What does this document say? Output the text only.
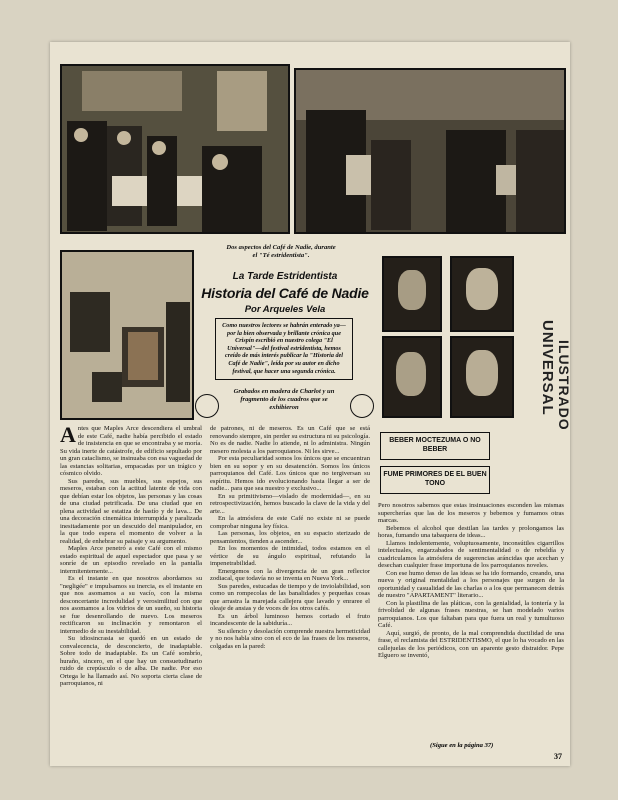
Dos aspectos del Café de Nadie, durante el "Té estridentista".
La Tarde Estridentista
Historia del Café de Nadie
Por Arqueles Vela
Como nuestros lectores se habrán enterado ya—por la bien observada y brillante crónica que Crispín escribió en nuestro colega "El Universal"—del festival estridentista, hemos creído de más interés publicar la "Historia del Café de Nadie", leída por su autor en dicho festival, que hacer una segunda crónica.
Grabados en madera de Charlot y un fragmento de los cuadros que se exhibieron

Antes que Maples Arce descendiera el umbral de este Café, nadie había percibido el estado de insistencia en que se encontraba y se moría. Su vida inerte de catástrofe, de edificio sepultado por un gran cataclismo, se insinuaba con esa vaguedad de las estancias solitarias, empacadas por un trágico y cósmico olvido.

Sus paredes, sus muebles, sus espejos, sus meseros, estaban con la actitud latente de vida con que debían estar los objetos, las personas y las cosas de una ciudad petrificada. De una ciudad que en plena actividad se estatiza de hastío y de lava... De una decoración cinemática interrumpida y paralizada inesitadamente por un descuido del manipulador, en la que todo espera el momento de volver a la realidad, de enhebrar su paisaje y su argumento.

Maples Arce penetró a este Café con el mismo estado espiritual de aquel espectador que pasa y se sonríe de un episodio revelado en la pantalla intermitentemente...

Es el instante en que nosotros abordamos su "negligée" e impulsamos su inercia, es el instante en que nos asomamos a su vacío, con la misma desconcertante incredulidad y verosimilitud con que nos asomamos a los vidrios de un sueño, su historia se fue desenrollando de nuevo. Los meseros rectificaron su inclinación y remontaron el intermedio de su inestabilidad.

Su idiosincrasia se quedó en un estado de convalecencia, de desconcierto, de inadaptable. Sobre todo de inadaptable. Es un Café sombrío, huraño, sincero, en el que hay un consuetudinario ruido de crepúsculo o de alba. De nadie. Por eso Ortega le ha llamado así. No soporta cierta clase de parroquianos, ni

de patrones, ni de meseros. Es un Café que se está renovando siempre, sin perder su estructura ni su psicología. No es de nadie. Nadie lo atiende, ni lo administra. Ningún mesero molesta a los parroquianos. Ni les sirve...

Por esta peculiaridad somos los únicos que se encuentran bien en su sopor y en su desatención. Somos los únicos parroquianos del Café. Los únicos que no tergiversan su espíritu. Hemos ido evolucionando hasta llegar a ser de nadie... para que sea nuestro y exclusivo...

En su primitivismo—vislado de modernidad—, en su retrospectivización, hemos buscado la clave de la vida y del arte...

En la atmósfera de este Café no existe ni se puede comprobar ninguna ley física.

Las personas, los objetos, en su espacio sterizado de pensamientos, tienden a ascender...

En los momentos de intimidad, todos estamos en el vértice de su ángulo espiritual, refutando la impenetrabilidad.

Emergemos con la divergencia de un gran reflector zodiacal, que todavía no se inventa en Nueva York...

Sus paredes, estucadas de tiempo y de inviolabilidad, son como un rompecolas de las banalidades y pequeñas cosas que arrastra la marejada callejera que lavado y enraree el oleaje de ansias y de voces de los otros cafés.

Es un árbol luminoso hemos cortado el fruto incandescente de la sabiduría...

Su silencio y desolación comprende nuestra hermeticidad y no nos habla sino con el eco de las frases de los meseros, colgadas en la pared:

BEBER MOCTEZUMA O NO BEBER
FUME PRIMORES DE EL BUEN TONO

Pero nosotros sabemos que estas insinuaciones esconden las mismas supercherías que las de los meseros y bebemos y fumamos otras marcas.

Bebemos el alcohol que destilan las tardes y prolongamos las horas, fumando una tabaquera de ideas...

Llamos indolentemente, voluptuosamente, inconsútiles cigarrillos intelectuales, engarzabados de sentimentalidad o de rebeldía y cuadriculamos la atmósfera de sugerencias aráncidas que acechan y desechan cualquier frase importuna de los parroquianos noveles.

Con ese humo denso de las ideas se ha ido formando, creando, una nueva y original mentalidad a los personajes que surgen de la oportunidad y casualidad de las charlas o a los que permanecen detrás de nuestro "APARTAMENT" literario...

Con la plastilina de las pláticas, con la genialidad, la tontería y la frivolidad de algunas frases nuestras, se han modelado varios parroquianos. Los que faltaban para que fuera un real y tumultuoso Café.

Aquí, surgió, de pronto, de la mal comprendida ductilidad de una frase, el reclamista del ESTRIDENTISMO, el que lo ha vocado en las callejuelas de los periódicos, con un aparente gesto distraidor. Pepe Elguero se inventó,

(Sigue en la página 37)
37
UNIVERSAL ILUSTRADO
